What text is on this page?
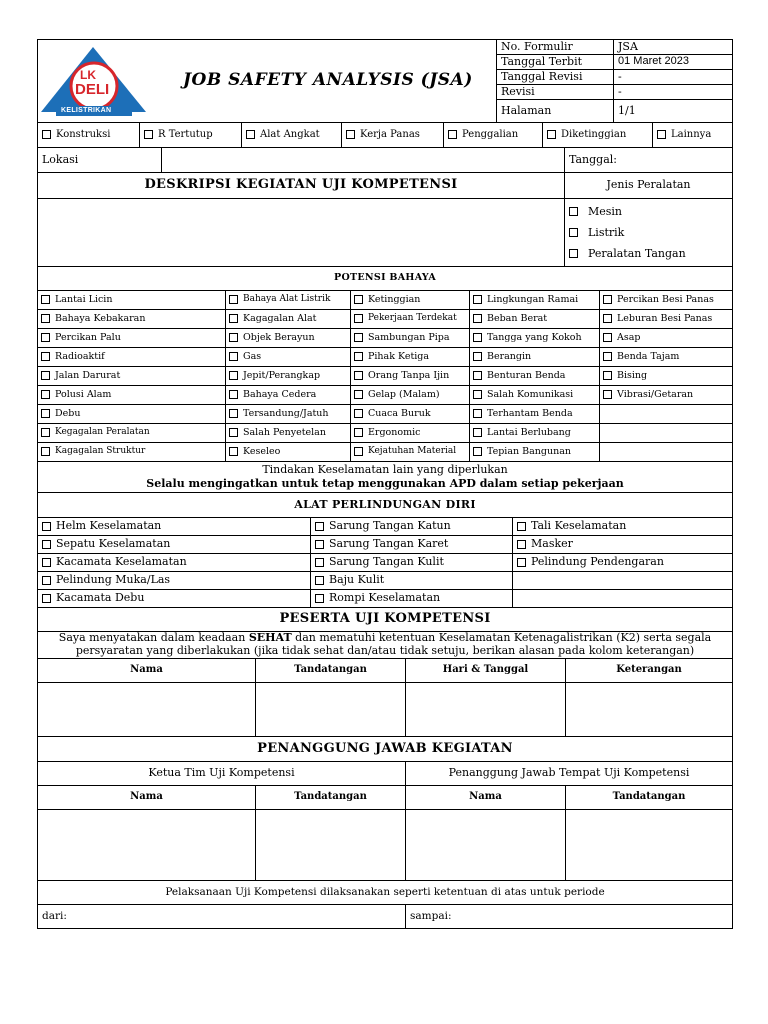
LK
DELI
KELISTRIKAN
JOB SAFETY ANALYSIS (JSA)	No. Formulir	JSA
	Tanggal Terbit	01 Maret 2023
	Tanggal Revisi	-
	Revisi	-
	Halaman	1/1
Konstruksi	R Tertutup	Alat Angkat	Kerja Panas	Penggalian	Diketinggian	Lainnya
Lokasi		Tanggal:
DESKRIPSI KEGIATAN UJI KOMPETENSI	Jenis Peralatan

	Mesin
Listrik
Peralatan Tangan
POTENSI BAHAYA				
Lantai Licin	Bahaya Alat Listrik	Ketinggian	Lingkungan Ramai	Percikan Besi Panas
Bahaya Kebakaran	Kagagalan Alat	Pekerjaan Terdekat	Beban Berat	Leburan Besi Panas
Percikan Palu	Objek Berayun	Sambungan Pipa	Tangga yang Kokoh	Asap
Radioaktif	Gas	Pihak Ketiga	Berangin	Benda Tajam
Jalan Darurat	Jepit/Perangkap	Orang Tanpa Ijin	Benturan Benda	Bising
Polusi Alam	Bahaya Cedera	Gelap (Malam)	Salah Komunikasi	Vibrasi/Getaran
Debu	Tersandung/Jatuh	Cuaca Buruk	Terhantam Benda	
Kegagalan Peralatan	Salah Penyetelan	Ergonomic	Lantai Berlubang	
Kagagalan Struktur	Keseleo	Kejatuhan Material	Tepian Bangunan	

Tindakan Keselamatan lain yang diperlukan
Selalu mengingatkan untuk tetap menggunakan APD dalam setiap pekerjaan				
ALAT PERLINDUNGAN DIRI		
Helm Keselamatan	Sarung Tangan Katun	Tali Keselamatan
Sepatu Keselamatan	Sarung Tangan Karet	Masker
Kacamata Keselamatan	Sarung Tangan Kulit	Pelindung Pendengaran
Pelindung Muka/Las	Baju Kulit	
Kacamata Debu	Rompi Keselamatan	
PESERTA UJI KOMPETENSI			

Saya menyatakan dalam keadaan SEHAT dan mematuhi ketentuan Keselamatan Ketenagalistrikan (K2) serta segala
persyaratan yang diberlakukan (jika tidak sehat dan/atau tidak setuju, berikan alasan pada kolom keterangan)			

Nama	Tandatangan	Hari & Tanggal	Keterangan

PENANGGUNG JAWAB KEGIATAN			
Ketua Tim Uji Kompetensi		Penanggung Jawab Tempat Uji Kompetensi	
Nama	Tandatangan	Nama	Tandatangan

Pelaksanaan Uji Kompetensi dilaksanakan seperti ketentuan di atas untuk periode
dari:	sampai:
